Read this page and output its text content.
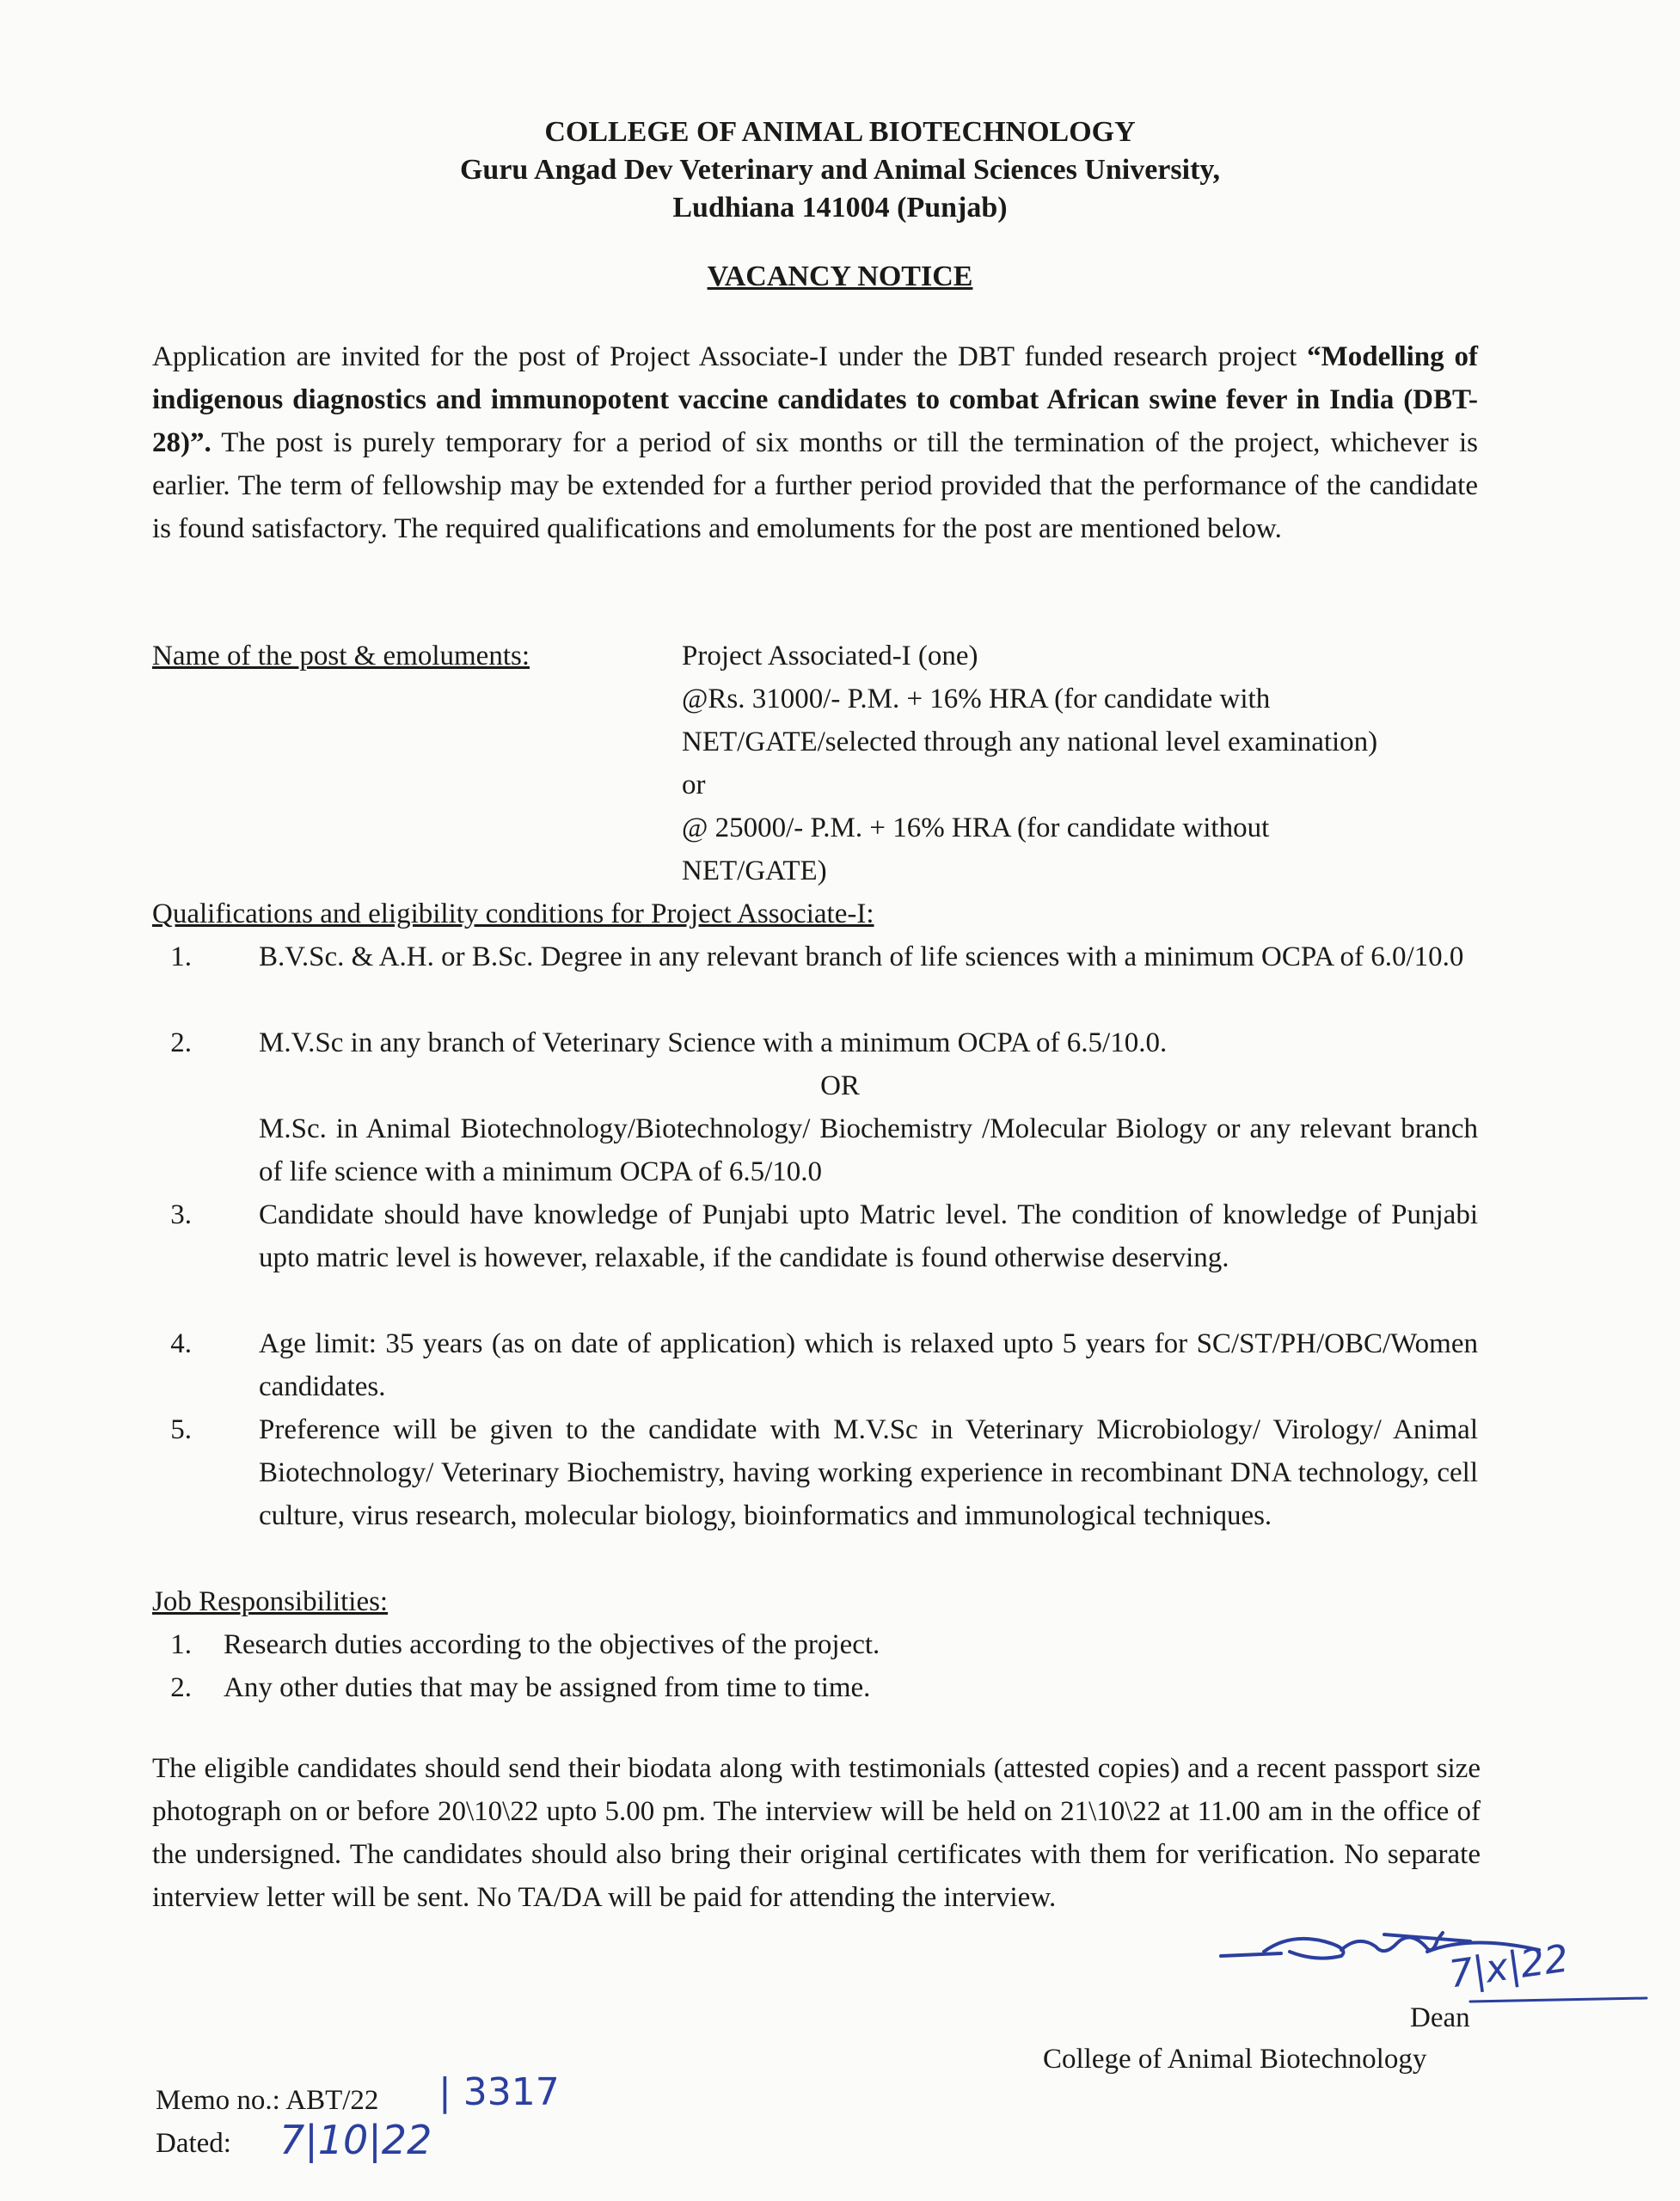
COLLEGE OF ANIMAL BIOTECHNOLOGY
Guru Angad Dev Veterinary and Animal Sciences University,
Ludhiana 141004 (Punjab)
VACANCY NOTICE
Application are invited for the post of Project Associate-I under the DBT funded research project “Modelling of indigenous diagnostics and immunopotent vaccine candidates to combat African swine fever in India (DBT-28)”. The post is purely temporary for a period of six months or till the termination of the project, whichever is earlier. The term of fellowship may be extended for a further period provided that the performance of the candidate is found satisfactory. The required qualifications and emoluments for the post are mentioned below.
Name of the post & emoluments:	Project Associated-I (one)
@Rs. 31000/- P.M. + 16% HRA (for candidate with
NET/GATE/selected through any national level examination)
or
@ 25000/- P.M. + 16% HRA (for candidate without
NET/GATE)
Qualifications and eligibility conditions for Project Associate-I:
1. B.V.Sc. & A.H. or B.Sc. Degree in any relevant branch of life sciences with a minimum OCPA of 6.0/10.0
2. M.V.Sc in any branch of Veterinary Science with a minimum OCPA of 6.5/10.0.
OR
M.Sc. in Animal Biotechnology/Biotechnology/ Biochemistry /Molecular Biology or any relevant branch of life science with a minimum OCPA of 6.5/10.0
3. Candidate should have knowledge of Punjabi upto Matric level. The condition of knowledge of Punjabi upto matric level is however, relaxable, if the candidate is found otherwise deserving.
4. Age limit: 35 years (as on date of application) which is relaxed upto 5 years for SC/ST/PH/OBC/Women candidates.
5. Preference will be given to the candidate with M.V.Sc in Veterinary Microbiology/ Virology/ Animal Biotechnology/ Veterinary Biochemistry, having working experience in recombinant DNA technology, cell culture, virus research, molecular biology, bioinformatics and immunological techniques.
Job Responsibilities:
1. Research duties according to the objectives of the project.
2. Any other duties that may be assigned from time to time.
The eligible candidates should send their biodata along with testimonials (attested copies) and a recent passport size photograph on or before 20\10\22 upto 5.00 pm. The interview will be held on 21\10\22 at 11.00 am in the office of the undersigned. The candidates should also bring their original certificates with them for verification. No separate interview letter will be sent. No TA/DA will be paid for attending the interview.
7|x|22
Dean
College of Animal Biotechnology
Memo no.: ABT/22 | 3317
Dated: 7|10|22
